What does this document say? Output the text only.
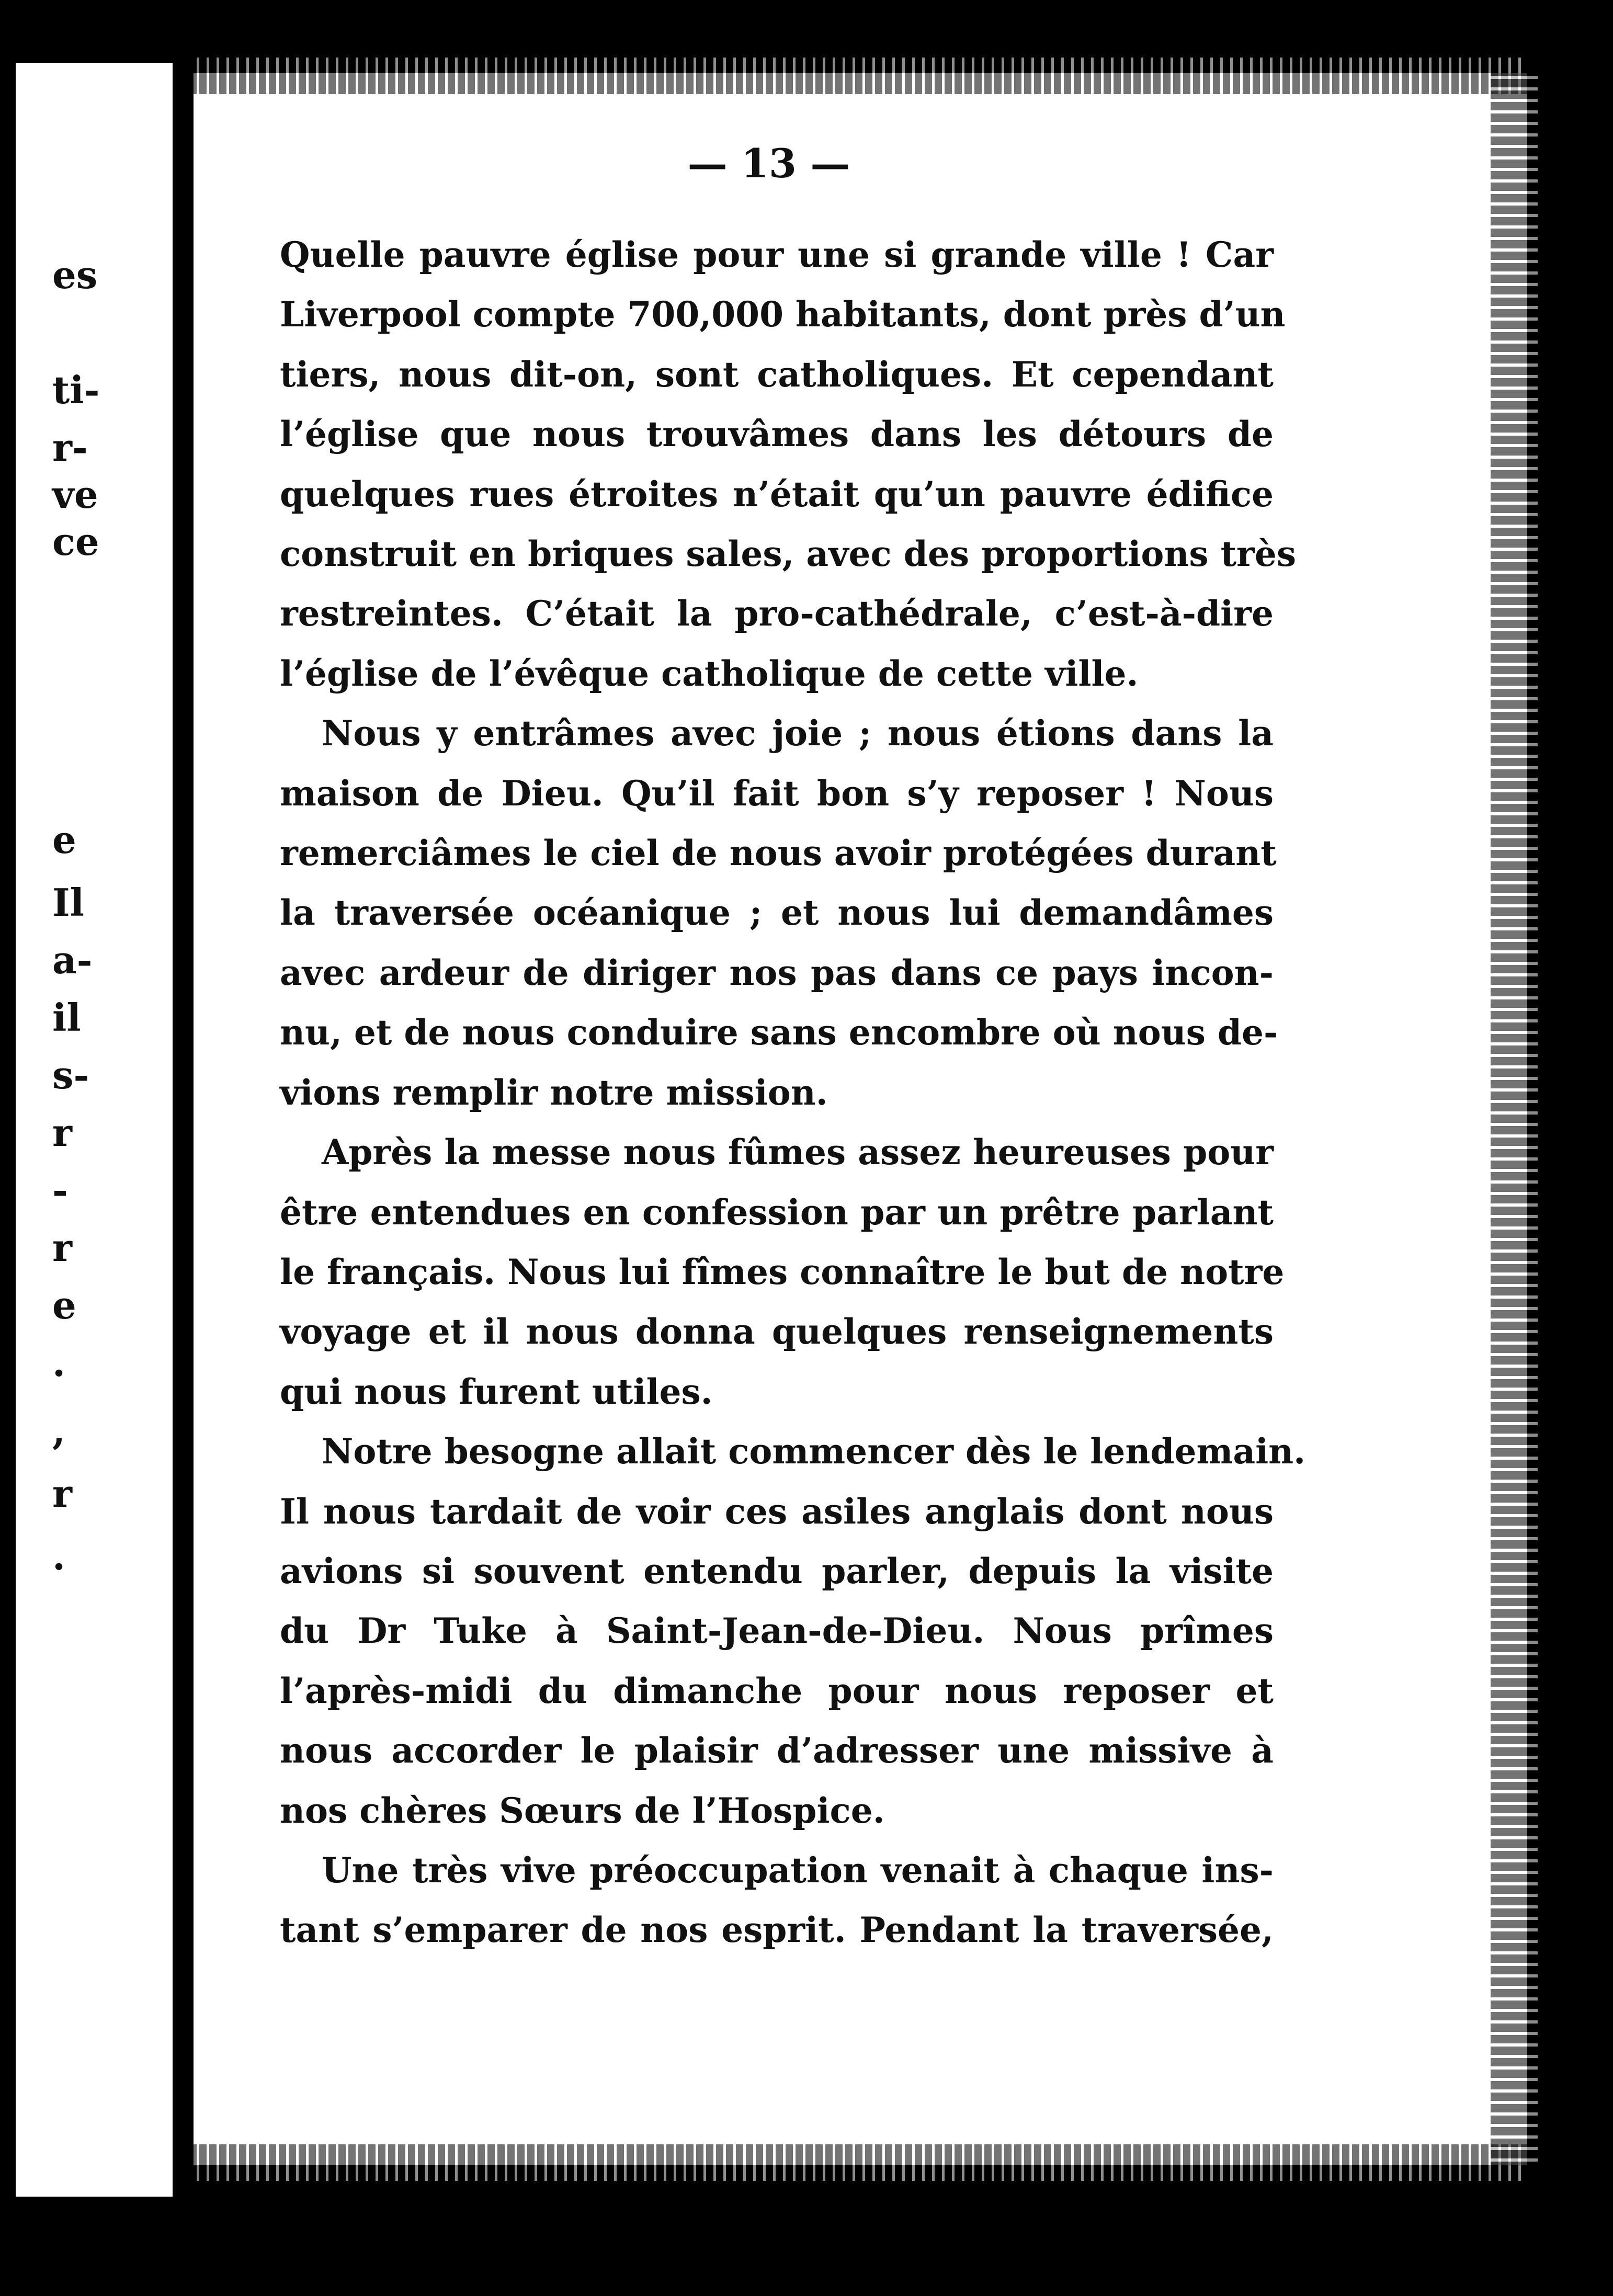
es
ti-
r-
ve
ce
e
Il
a-
il
s-
r
-
r
e
.
,
r
.
— 13 —
Quelle pauvre église pour une si grande ville ! Car
Liverpool compte 700,000 habitants, dont près d’un
tiers, nous dit-on, sont catholiques. Et cependant
l’église que nous trouvâmes dans les détours de
quelques rues étroites n’était qu’un pauvre édifice
construit en briques sales, avec des proportions très
restreintes. C’était la pro-cathédrale, c’est-à-dire
l’église de l’évêque catholique de cette ville.
Nous y entrâmes avec joie ; nous étions dans la
maison de Dieu. Qu’il fait bon s’y reposer ! Nous
remerciâmes le ciel de nous avoir protégées durant
la traversée océanique ; et nous lui demandâmes
avec ardeur de diriger nos pas dans ce pays incon-
nu, et de nous conduire sans encombre où nous de-
vions remplir notre mission.
Après la messe nous fûmes assez heureuses pour
être entendues en confession par un prêtre parlant
le français. Nous lui fîmes connaître le but de notre
voyage et il nous donna quelques renseignements
qui nous furent utiles.
Notre besogne allait commencer dès le lendemain.
Il nous tardait de voir ces asiles anglais dont nous
avions si souvent entendu parler, depuis la visite
du Dr Tuke à Saint-Jean-de-Dieu. Nous prîmes
l’après-midi du dimanche pour nous reposer et
nous accorder le plaisir d’adresser une missive à
nos chères Sœurs de l’Hospice.
Une très vive préoccupation venait à chaque ins-
tant s’emparer de nos esprit. Pendant la traversée,
